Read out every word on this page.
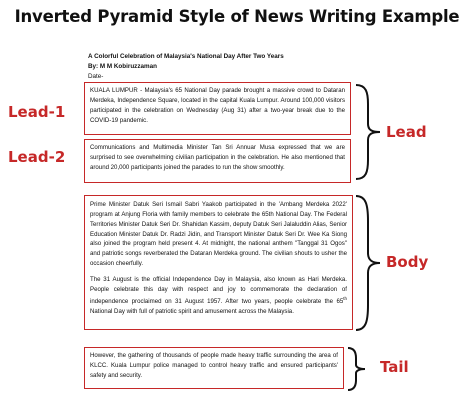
Inverted Pyramid Style of News Writing Example
A Colorful Celebration of Malaysia's National Day After Two Years
By: M M Kobiruzzaman
Date-
Lead-1
Lead-2

KUALA LUMPUR - Malaysia's 65 National Day parade brought a massive crowd to Dataran Merdeka, Independence Square, located in the capital Kuala Lumpur. Around 100,000 visitors participated in the celebration on Wednesday (Aug 31) after a two-year break due to the COVID-19 pandemic.

Communications and Multimedia Minister Tan Sri Annuar Musa expressed that we are surprised to see overwhelming civilian participation in the celebration. He also mentioned that around 20,000 participants joined the parades to run the show smoothly.

Prime Minister Datuk Seri Ismail Sabri Yaakob participated in the 'Ambang Merdeka 2022' program at Anjung Floria with family members to celebrate the 65th National Day. The Federal Territories Minister Datuk Seri Dr. Shahidan Kassim, deputy Datuk Seri Jalaluddin Alias, Senior Education Minister Datuk Dr. Radzi Jidin, and Transport Minister Datuk Seri Dr. Wee Ka Siong also joined the program held present 4. At midnight, the national anthem "Tanggal 31 Ogos" and patriotic songs reverberated the Dataran Merdeka ground. The civilian shouts to usher the occasion cheerfully.

The 31 August is the official Independence Day in Malaysia, also known as Hari Merdeka. People celebrate this day with respect and joy to commemorate the declaration of independence proclaimed on 31 August 1957. After two years, people celebrate the 65th National Day with full of patriotic spirit and amusement across the Malaysia.

However, the gathering of thousands of people made heavy traffic surrounding the area of KLCC. Kuala Lumpur police managed to control heavy traffic and ensured participants' safety and security.

Lead
Body
Tail
